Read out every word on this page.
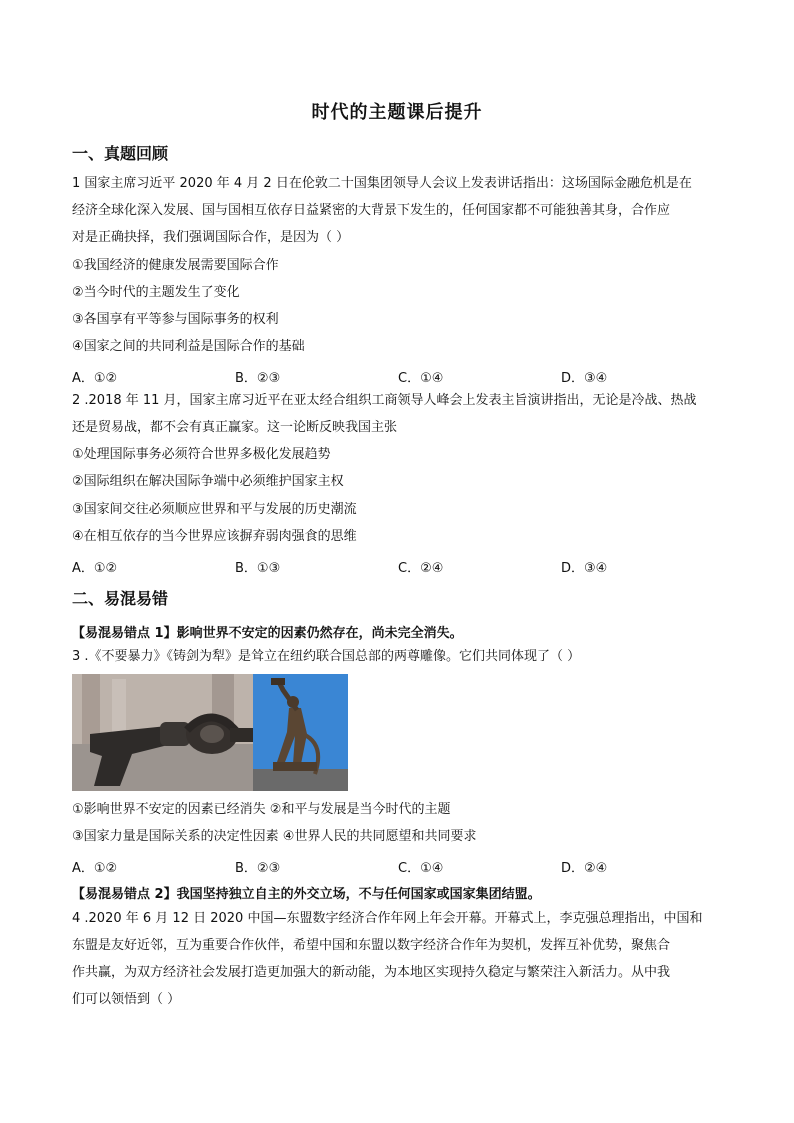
时代的主题课后提升
一、真题回顾
1 国家主席习近平 2020 年 4 月 2 日在伦敦二十国集团领导人会议上发表讲话指出：这场国际金融危机是在
经济全球化深入发展、国与国相互依存日益紧密的大背景下发生的，任何国家都不可能独善其身，合作应
对是正确抉择，我们强调国际合作，是因为（ ）
①我国经济的健康发展需要国际合作
②当今时代的主题发生了变化
③各国享有平等参与国际事务的权利
④国家之间的共同利益是国际合作的基础
A．①②	B．②③	C．①④	D．③④
2 .2018 年 11 月，国家主席习近平在亚太经合组织工商领导人峰会上发表主旨演讲指出，无论是冷战、热战
还是贸易战，都不会有真正赢家。这一论断反映我国主张
①处理国际事务必须符合世界多极化发展趋势
②国际组织在解决国际争端中必须维护国家主权
③国家间交往必须顺应世界和平与发展的历史潮流
④在相互依存的当今世界应该摒弃弱肉强食的思维
A．①②	B．①③	C．②④	D．③④
二、易混易错
【易混易错点 1】影响世界不安定的因素仍然存在，尚未完全消失。
3 .《不要暴力》《铸剑为犁》是耸立在纽约联合国总部的两尊雕像。它们共同体现了（ ）
①影响世界不安定的因素已经消失 ②和平与发展是当今时代的主题
③国家力量是国际关系的决定性因素 ④世界人民的共同愿望和共同要求
A．①②	B．②③	C．①④	D．②④
【易混易错点 2】我国坚持独立自主的外交立场，不与任何国家或国家集团结盟。
4 .2020 年 6 月 12 日 2020 中国—东盟数字经济合作年网上年会开幕。开幕式上，李克强总理指出，中国和
东盟是友好近邻，互为重要合作伙伴，希望中国和东盟以数字经济合作年为契机，发挥互补优势，聚焦合
作共赢，为双方经济社会发展打造更加强大的新动能，为本地区实现持久稳定与繁荣注入新活力。从中我
们可以领悟到（ ）
